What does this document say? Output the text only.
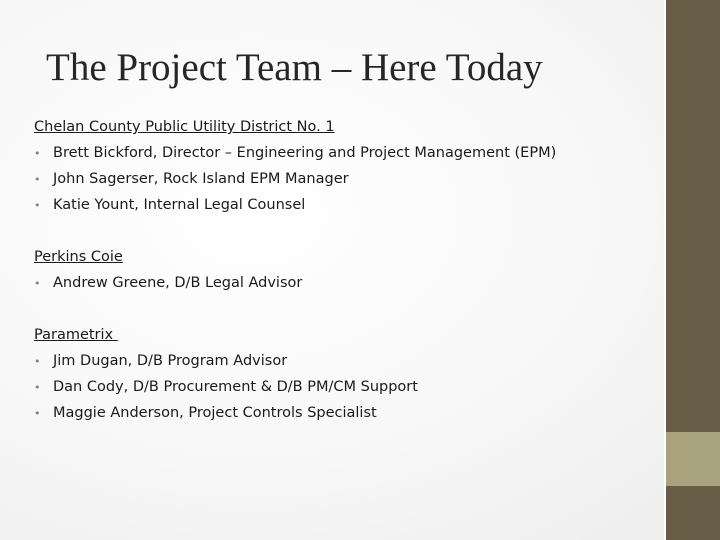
The Project Team – Here Today
Chelan County Public Utility District No. 1
• Brett Bickford, Director – Engineering and Project Management (EPM)
• John Sagerser, Rock Island EPM Manager
• Katie Yount, Internal Legal Counsel
Perkins Coie
• Andrew Greene, D/B Legal Advisor
Parametrix
• Jim Dugan, D/B Program Advisor
• Dan Cody, D/B Procurement & D/B PM/CM Support
• Maggie Anderson, Project Controls Specialist
